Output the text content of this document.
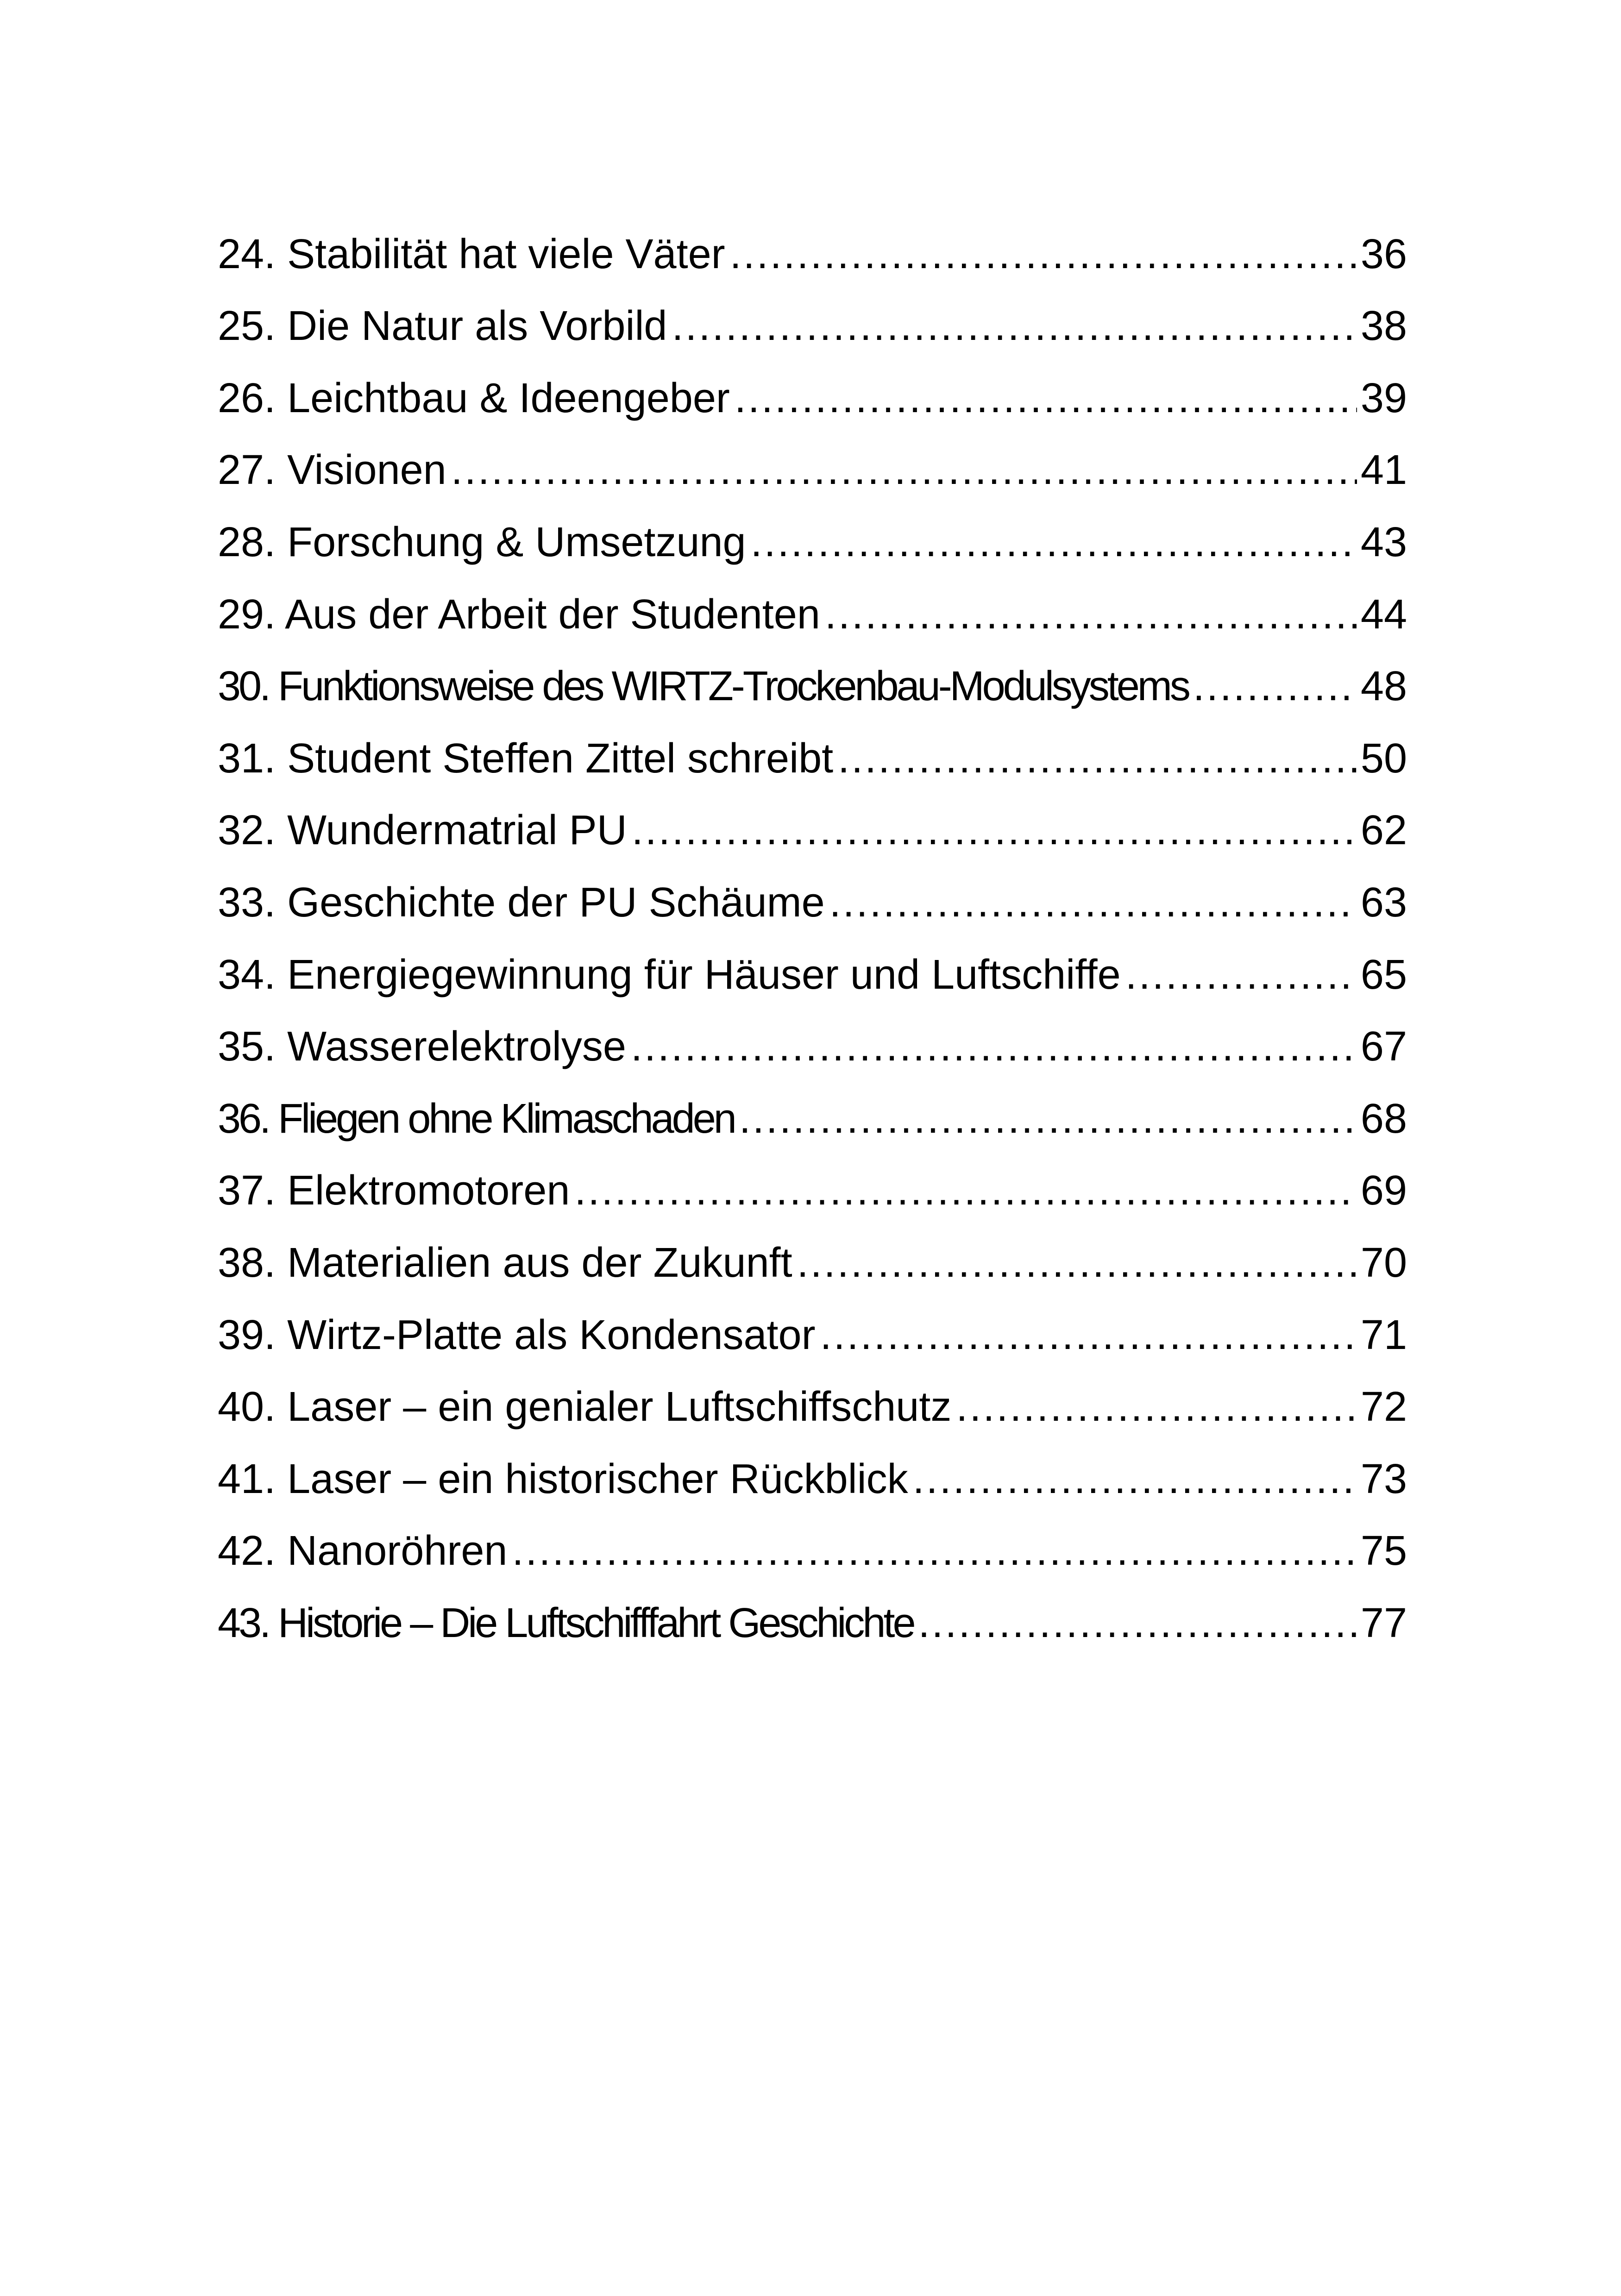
24. Stabilität hat viele Väter .....	36
25. Die Natur als Vorbild .....	38
26. Leichtbau & Ideengeber .....	39
27. Visionen .....	41
28. Forschung & Umsetzung .....	43
29. Aus der Arbeit der Studenten .....	44
30. Funktionsweise des WIRTZ-Trockenbau-Modulsystems .....	48
31. Student Steffen Zittel schreibt .....	50
32. Wundermatrial PU .....	62
33. Geschichte der PU Schäume .....	63
34. Energiegewinnung für Häuser und Luftschiffe .....	65
35. Wasserelektrolyse .....	67
36. Fliegen ohne Klimaschaden .....	68
37. Elektromotoren .....	69
38. Materialien aus der Zukunft .....	70
39. Wirtz-Platte als Kondensator .....	71
40. Laser – ein genialer Luftschiffschutz .....	72
41. Laser – ein historischer Rückblick .....	73
42. Nanoröhren .....	75
43. Historie – Die Luftschifffahrt Geschichte .....	77
